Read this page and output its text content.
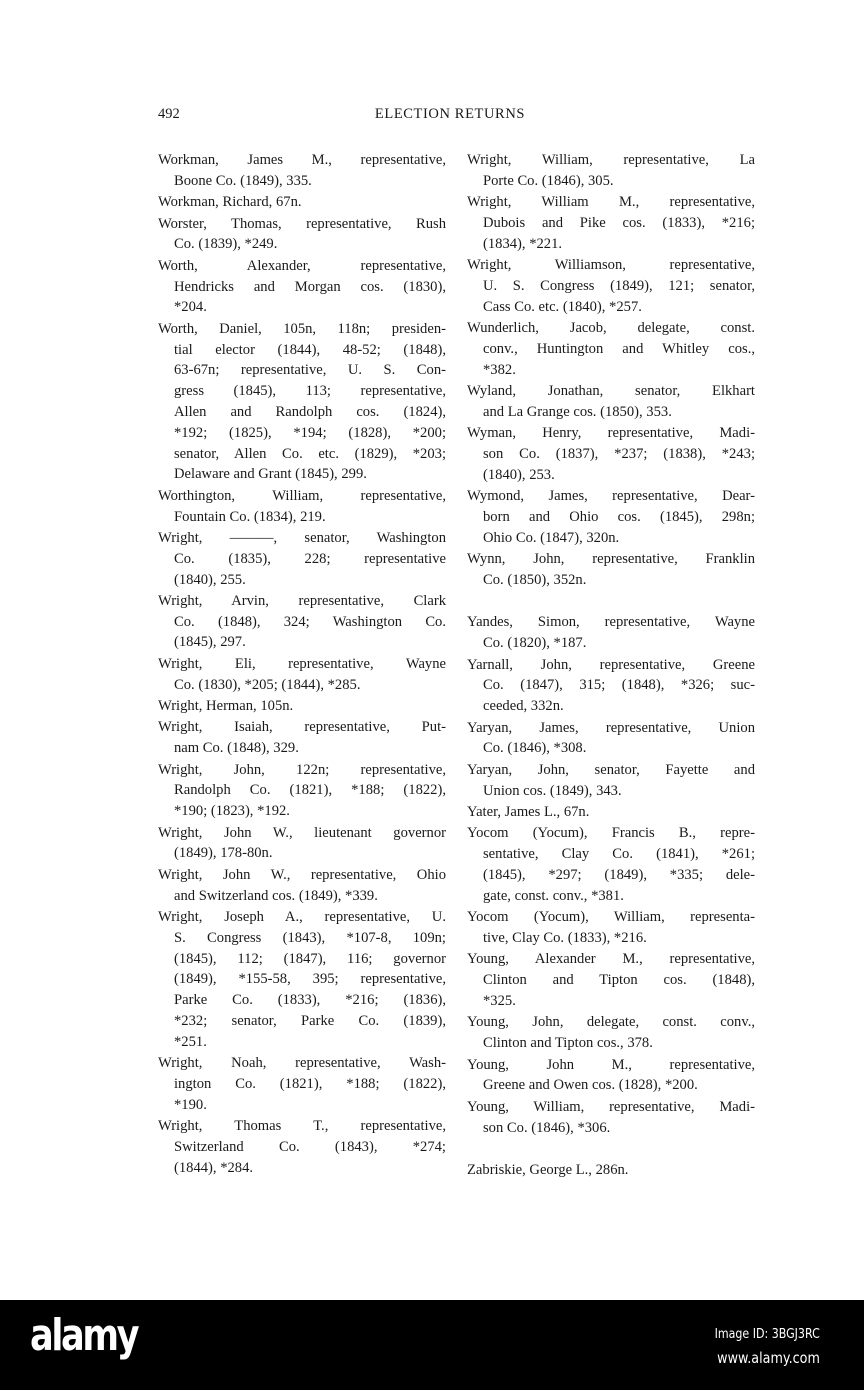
492	ELECTION RETURNS
Workman, James M., representative,
Boone Co. (1849), 335.
Workman, Richard, 67n.
Worster, Thomas, representative, Rush
Co. (1839), *249.
Worth, Alexander, representative,
Hendricks and Morgan cos. (1830),
*204.
Worth, Daniel, 105n, 118n; presiden-
tial elector (1844), 48-52; (1848),
63-67n; representative, U. S. Con-
gress (1845), 113; representative,
Allen and Randolph cos. (1824),
*192; (1825), *194; (1828), *200;
senator, Allen Co. etc. (1829), *203;
Delaware and Grant (1845), 299.
Worthington, William, representative,
Fountain Co. (1834), 219.
Wright, ———, senator, Washington
Co. (1835), 228; representative
(1840), 255.
Wright, Arvin, representative, Clark
Co. (1848), 324; Washington Co.
(1845), 297.
Wright, Eli, representative, Wayne
Co. (1830), *205; (1844), *285.
Wright, Herman, 105n.
Wright, Isaiah, representative, Put-
nam Co. (1848), 329.
Wright, John, 122n; representative,
Randolph Co. (1821), *188; (1822),
*190; (1823), *192.
Wright, John W., lieutenant governor
(1849), 178-80n.
Wright, John W., representative, Ohio
and Switzerland cos. (1849), *339.
Wright, Joseph A., representative, U.
S. Congress (1843), *107-8, 109n;
(1845), 112; (1847), 116; governor
(1849), *155-58, 395; representative,
Parke Co. (1833), *216; (1836),
*232; senator, Parke Co. (1839),
*251.
Wright, Noah, representative, Wash-
ington Co. (1821), *188; (1822),
*190.
Wright, Thomas T., representative,
Switzerland Co. (1843), *274;
(1844), *284.
Wright, William, representative, La
Porte Co. (1846), 305.
Wright, William M., representative,
Dubois and Pike cos. (1833), *216;
(1834), *221.
Wright, Williamson, representative,
U. S. Congress (1849), 121; senator,
Cass Co. etc. (1840), *257.
Wunderlich, Jacob, delegate, const.
conv., Huntington and Whitley cos.,
*382.
Wyland, Jonathan, senator, Elkhart
and La Grange cos. (1850), 353.
Wyman, Henry, representative, Madi-
son Co. (1837), *237; (1838), *243;
(1840), 253.
Wymond, James, representative, Dear-
born and Ohio cos. (1845), 298n;
Ohio Co. (1847), 320n.
Wynn, John, representative, Franklin
Co. (1850), 352n.
Yandes, Simon, representative, Wayne
Co. (1820), *187.
Yarnall, John, representative, Greene
Co. (1847), 315; (1848), *326; suc-
ceeded, 332n.
Yaryan, James, representative, Union
Co. (1846), *308.
Yaryan, John, senator, Fayette and
Union cos. (1849), 343.
Yater, James L., 67n.
Yocom (Yocum), Francis B., repre-
sentative, Clay Co. (1841), *261;
(1845), *297; (1849), *335; dele-
gate, const. conv., *381.
Yocom (Yocum), William, representa-
tive, Clay Co. (1833), *216.
Young, Alexander M., representative,
Clinton and Tipton cos. (1848),
*325.
Young, John, delegate, const. conv.,
Clinton and Tipton cos., 378.
Young, John M., representative,
Greene and Owen cos. (1828), *200.
Young, William, representative, Madi-
son Co. (1846), *306.
Zabriskie, George L., 286n.
alamy	Image ID: 3BGJ3RC
www.alamy.com
